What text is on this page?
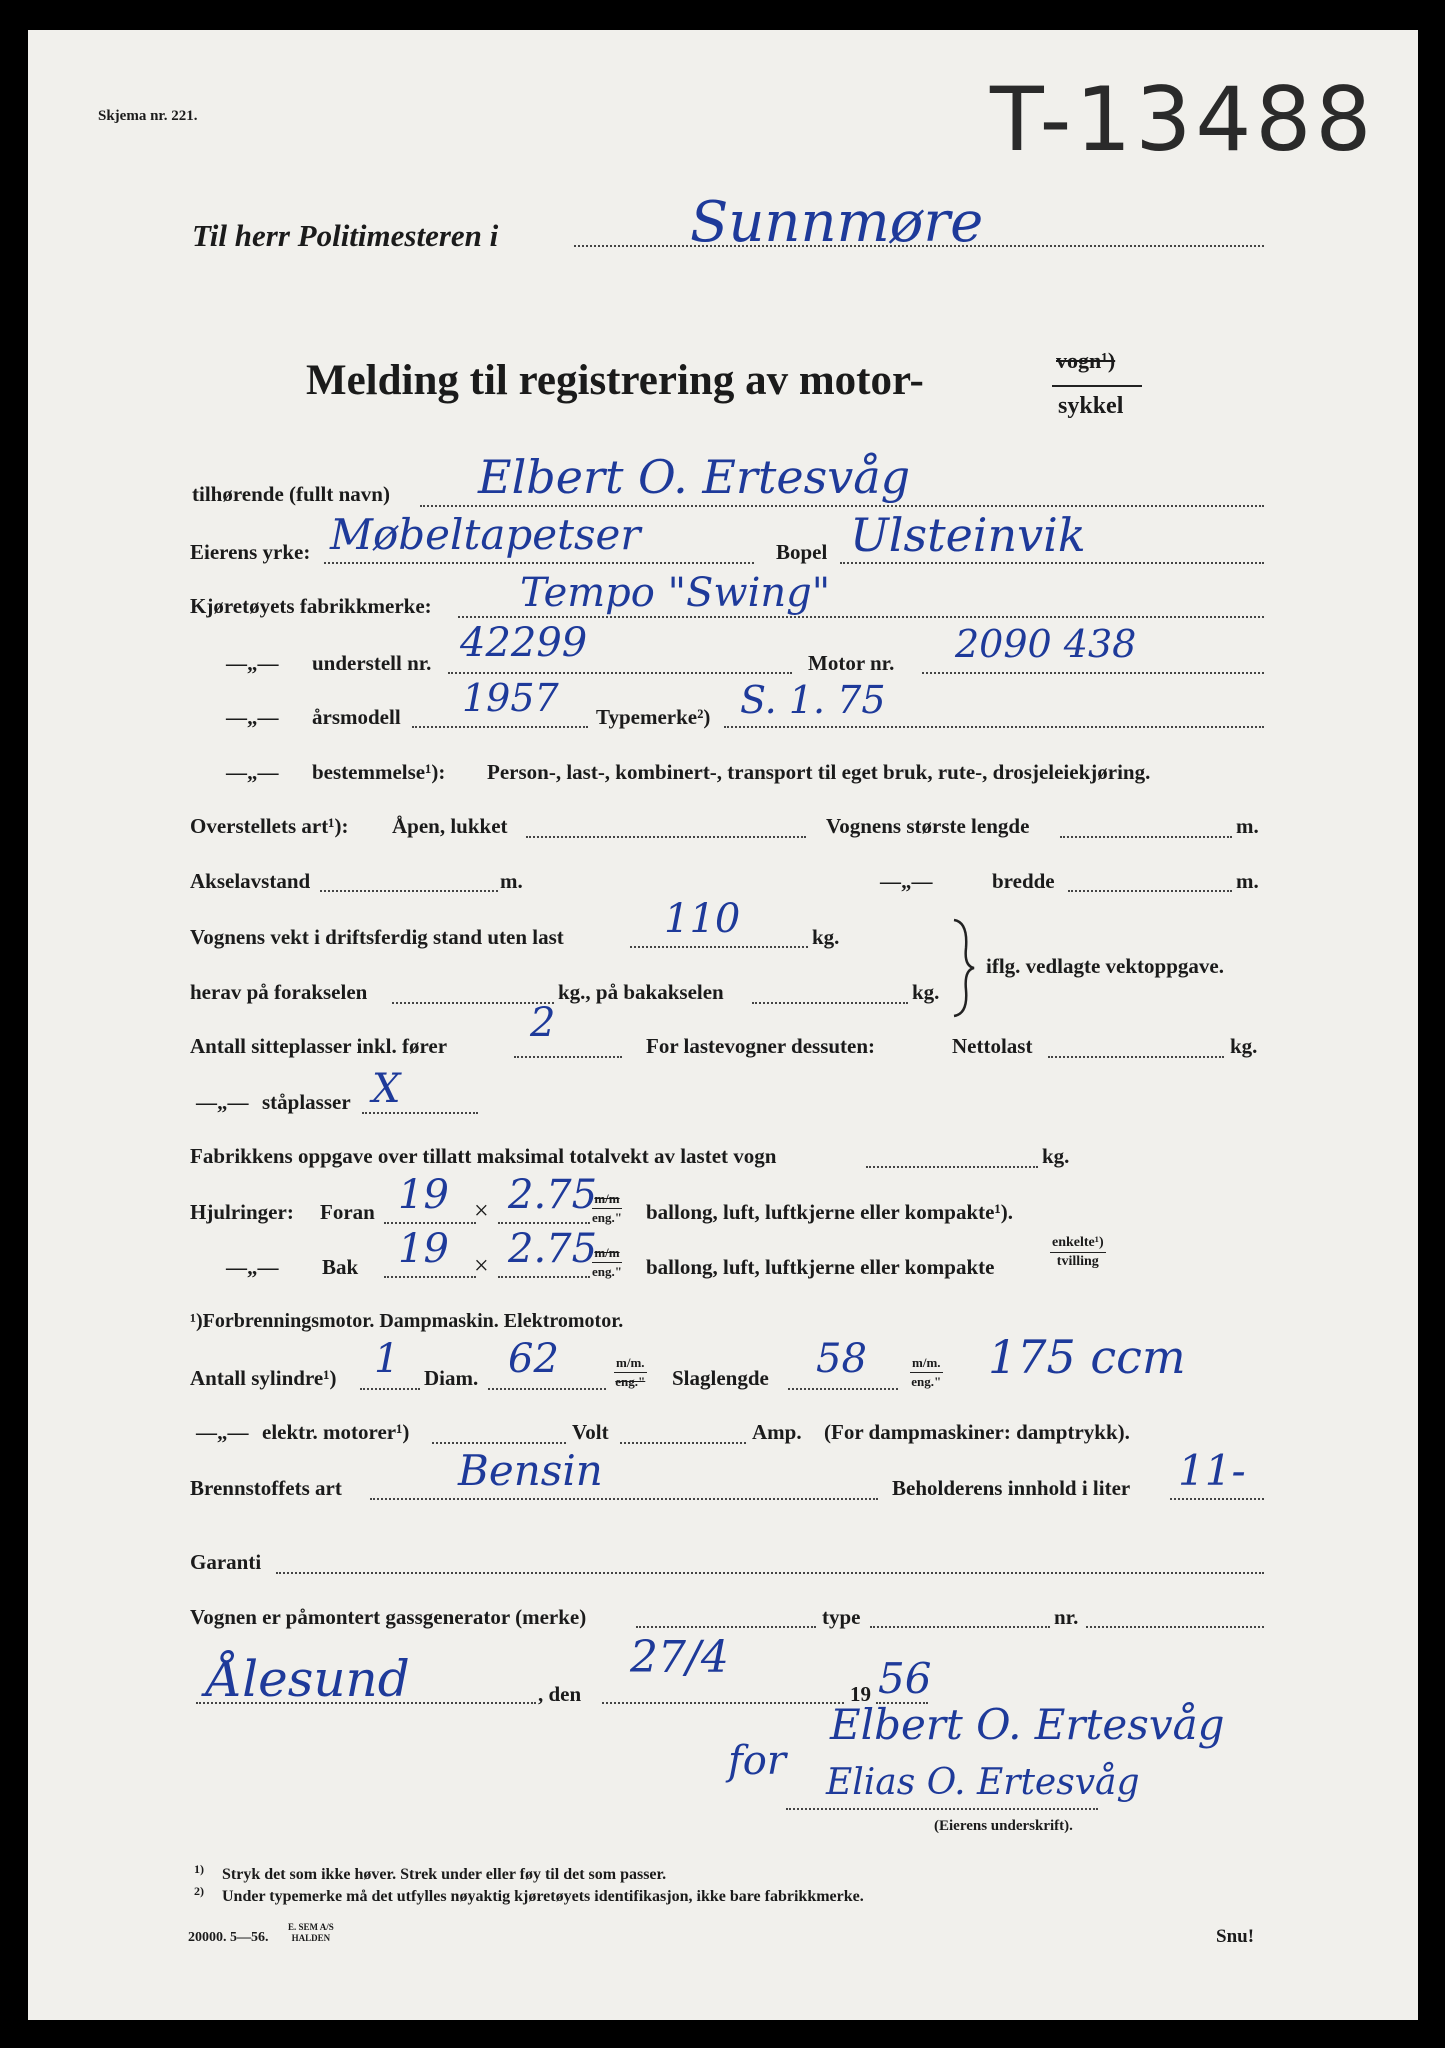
Skjema nr. 221.	T-13488
Til herr Politimesteren i	Sunnmøre
Melding til registrering av motor-	vogn¹)
sykkel
tilhørende (fullt navn) Elbert O. Ertesvåg
Eierens yrke: Møbeltapetser	Bopel Ulsteinvik
Kjøretøyets fabrikkmerke: Tempo "Swing"
—„— understell nr. 42299	Motor nr. 2090 438
—„— årsmodell 1957 Typemerke²) S. 1. 75
—„— bestemmelse¹): Person-, last-, kombinert-, transport til eget bruk, rute-, drosjeleiekjøring.
Overstellets art¹): Åpen, lukket	Vognens største lengde	m.
Akselavstand	m.	—„—	bredde	m.
Vognens vekt i driftsferdig stand uten last	110	kg.
herav på forakselen	kg., på bakakselen	kg.
iflg. vedlagte vektoppgave.
Antall sitteplasser inkl. fører 2	For lastevogner dessuten:	Nettolast	kg.
—„— ståplasser X
Fabrikkens oppgave over tillatt maksimal totalvekt av lastet vogn	kg.
Hjulringer: Foran 19 × 2.75
m/m
eng." ballong, luft, luftkjerne eller kompakte¹).
—„— Bak 19 × 2.75
m/m
eng." ballong, luft, luftkjerne eller kompakte
enkelte¹)
tvilling
¹)Forbrenningsmotor. Dampmaskin. Elektromotor.
Antall sylindre¹) 1 Diam. 62	m/m.
eng." Slaglengde 58	m/m.
eng." 175 ccm
—„— elektr. motorer¹)	Volt	Amp. (For dampmaskiner: damptrykk).
Brennstoffets art	Bensin	Beholderens innhold i liter 11-
Garanti
Vognen er påmontert gassgenerator (merke)	type	nr.
Ålesund	, den
27/4
19 56
for
Elbert O. Ertesvåg
Elias O. Ertesvåg
(Eierens underskrift).
1) Stryk det som ikke høver. Strek under eller føy til det som passer.
2) Under typemerke må det utfylles nøyaktig kjøretøyets identifikasjon, ikke bare fabrikkmerke.
20000. 5—56.
E. SEM A/S
HALDEN	Snu!
